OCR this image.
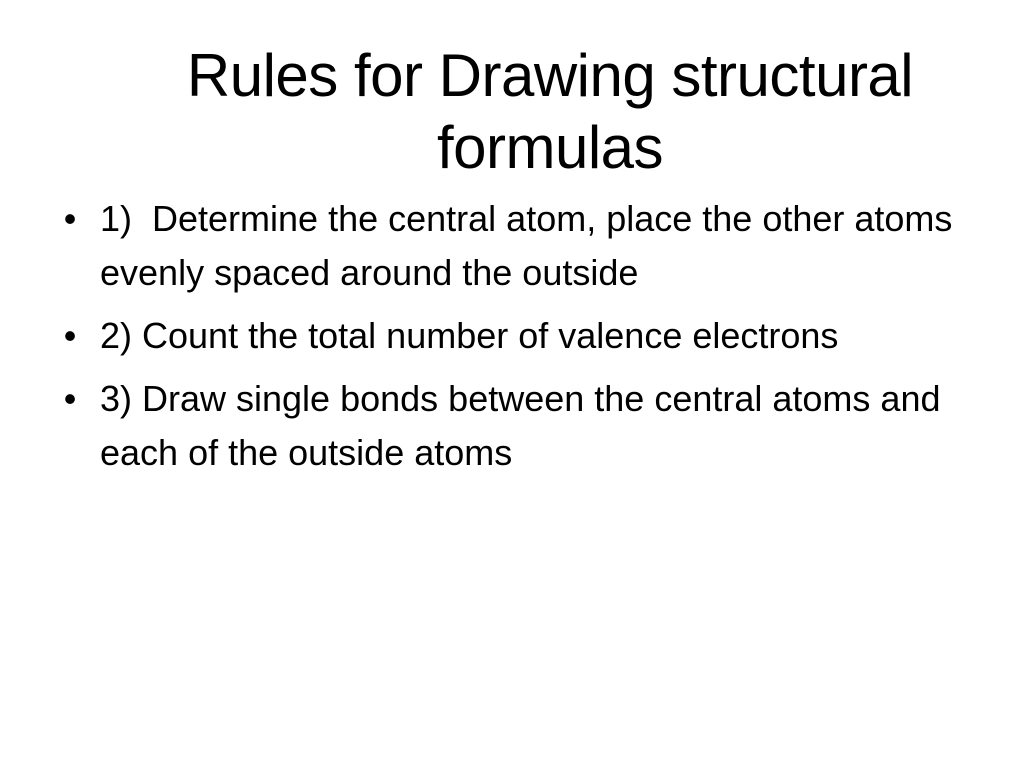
Rules for Drawing structural formulas
• 1)  Determine the central atom, place the other atoms evenly spaced around the outside
• 2) Count the total number of valence electrons
• 3) Draw single bonds between the central atoms and each of the outside atoms
